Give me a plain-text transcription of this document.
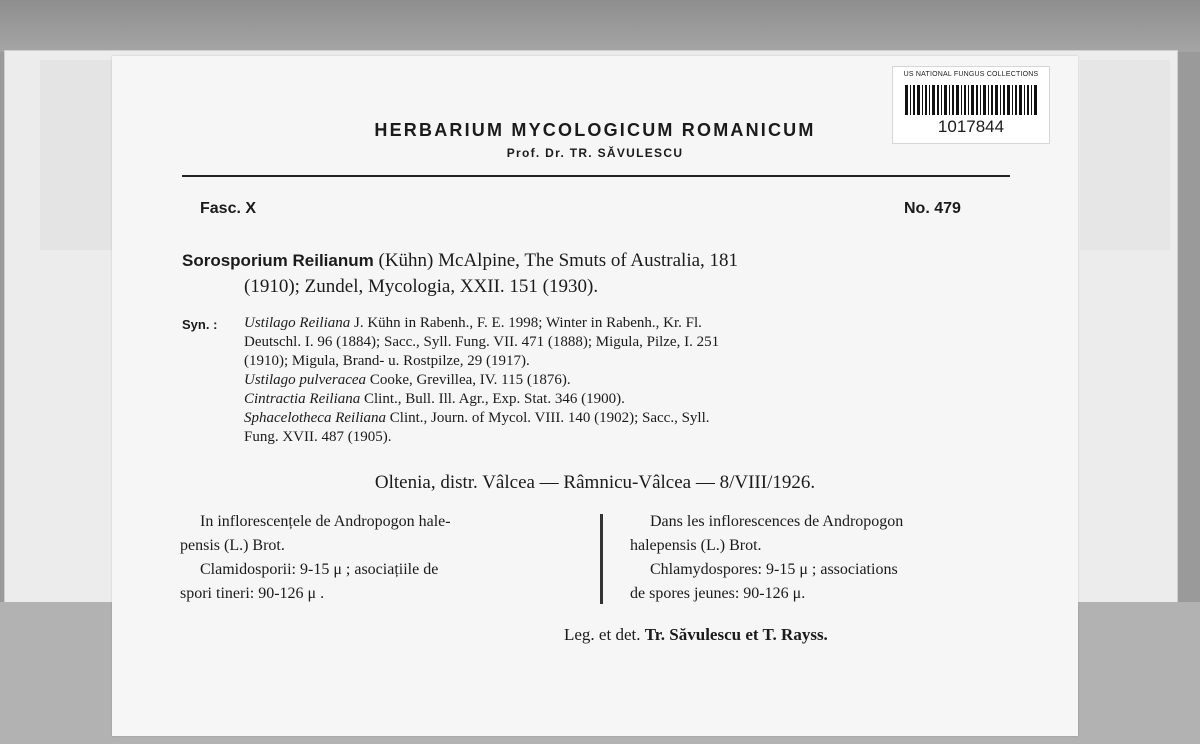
US NATIONAL FUNGUS COLLECTIONS
1017844
HERBARIUM MYCOLOGICUM ROMANICUM
Prof. Dr. TR. SĂVULESCU
Fasc. X	No. 479
Sorosporium Reilianum (Kühn) McAlpine, The Smuts of Australia, 181
(1910); Zundel, Mycologia, XXII. 151 (1930).
Syn. : Ustilago Reiliana J. Kühn in Rabenh., F. E. 1998; Winter in Rabenh., Kr. Fl.
Deutschl. I. 96 (1884); Sacc., Syll. Fung. VII. 471 (1888); Migula, Pilze, I. 251
(1910); Migula, Brand- u. Rostpilze, 29 (1917).
Ustilago pulveracea Cooke, Grevillea, IV. 115 (1876).
Cintractia Reiliana Clint., Bull. Ill. Agr., Exp. Stat. 346 (1900).
Sphacelotheca Reiliana Clint., Journ. of Mycol. VIII. 140 (1902); Sacc., Syll.
Fung. XVII. 487 (1905).
Oltenia, distr. Vâlcea — Râmnicu-Vâlcea — 8/VIII/1926.
In inflorescențele de Andropogon hale-
pensis (L.) Brot.
Clamidosporii: 9-15 μ ; asociațiile de
spori tineri: 90-126 μ .
Dans les inflorescences de Andropogon
halepensis (L.) Brot.
Chlamydospores: 9-15 μ ; associations
de spores jeunes: 90-126 μ.
Leg. et det. Tr. Săvulescu et T. Rayss.
